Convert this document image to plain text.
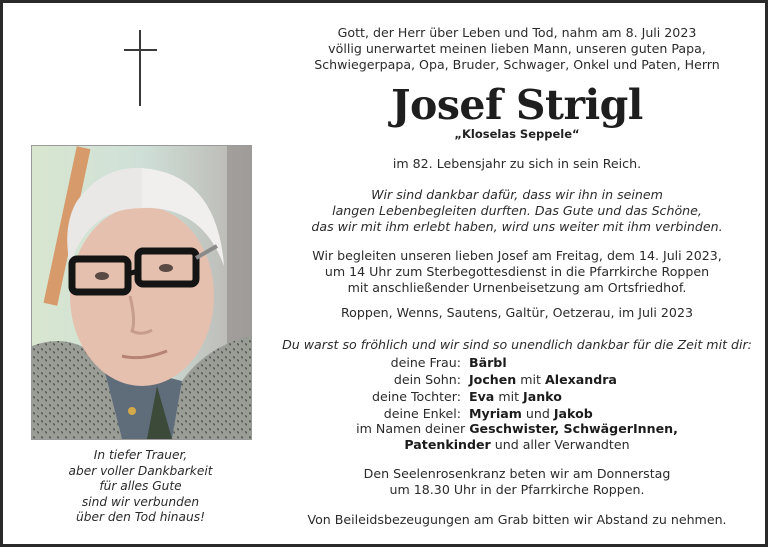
In tiefer Trauer,
aber voller Dankbarkeit
für alles Gute
sind wir verbunden
über den Tod hinaus!
Gott, der Herr über Leben und Tod, nahm am 8. Juli 2023
völlig unerwartet meinen lieben Mann, unseren guten Papa,
Schwiegerpapa, Opa, Bruder, Schwager, Onkel und Paten, Herrn
Josef Strigl
„Kloselas Seppele“
im 82. Lebensjahr zu sich in sein Reich.
Wir sind dankbar dafür, dass wir ihn in seinem
langen Lebenbegleiten durften. Das Gute und das Schöne,
das wir mit ihm erlebt haben, wird uns weiter mit ihm verbinden.
Wir begleiten unseren lieben Josef am Freitag, dem 14. Juli 2023,
um 14 Uhr zum Sterbegottesdienst in die Pfarrkirche Roppen
mit anschließender Urnenbeisetzung am Ortsfriedhof.
Roppen, Wenns, Sautens, Galtür, Oetzerau, im Juli 2023
Du warst so fröhlich und wir sind so unendlich dankbar für die Zeit mit dir:
deine Frau: Bärbl
dein Sohn: Jochen mit Alexandra
deine Tochter: Eva mit Janko
deine Enkel: Myriam und Jakob
im Namen deiner Geschwister, SchwägerInnen,
Patenkinder und aller Verwandten
Den Seelenrosenkranz beten wir am Donnerstag
um 18.30 Uhr in der Pfarrkirche Roppen.
Von Beileidsbezeugungen am Grab bitten wir Abstand zu nehmen.
